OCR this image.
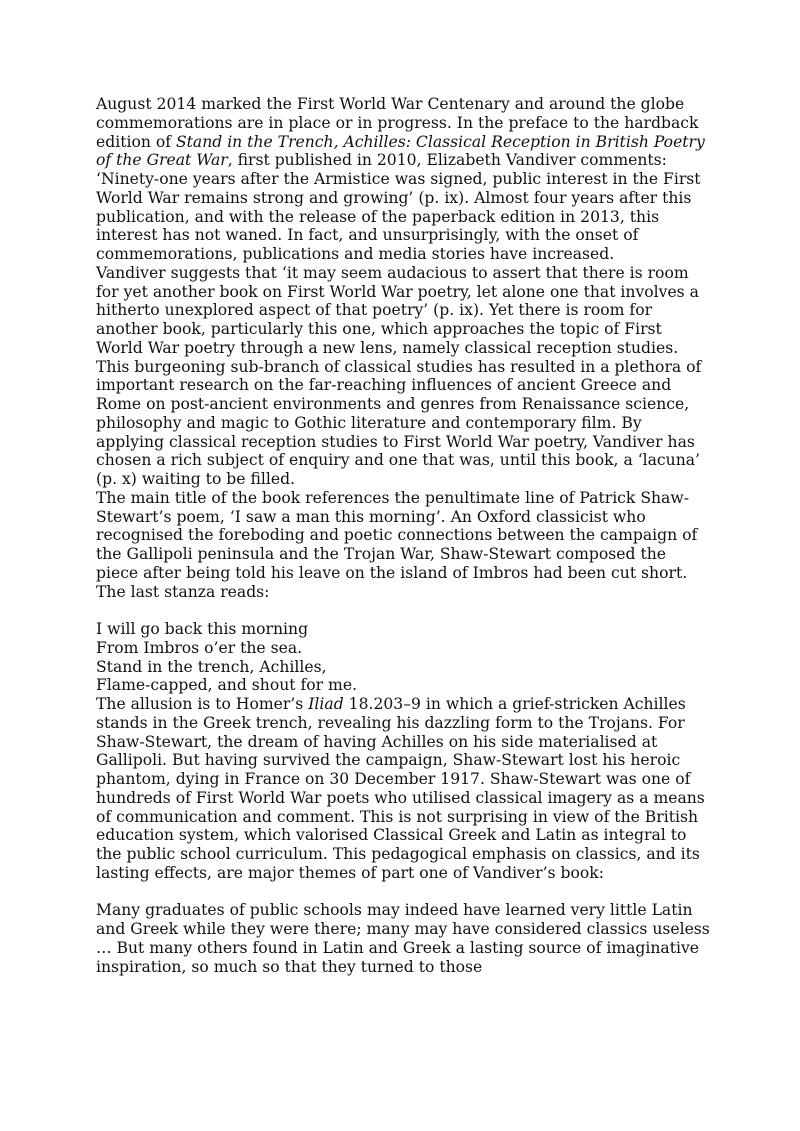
August 2014 marked the First World War Centenary and around the globe commemorations are in place or in progress. In the preface to the hardback edition of Stand in the Trench, Achilles: Classical Reception in British Poetry of the Great War, first published in 2010, Elizabeth Vandiver comments: ‘Ninety-one years after the Armistice was signed, public interest in the First World War remains strong and growing’ (p. ix). Almost four years after this publication, and with the release of the paperback edition in 2013, this interest has not waned. In fact, and unsurprisingly, with the onset of commemorations, publications and media stories have increased.

Vandiver suggests that ‘it may seem audacious to assert that there is room for yet another book on First World War poetry, let alone one that involves a hitherto unexplored aspect of that poetry’ (p. ix). Yet there is room for another book, particularly this one, which approaches the topic of First World War poetry through a new lens, namely classical reception studies. This burgeoning sub-branch of classical studies has resulted in a plethora of important research on the far-reaching influences of ancient Greece and Rome on post-ancient environments and genres from Renaissance science, philosophy and magic to Gothic literature and contemporary film. By applying classical reception studies to First World War poetry, Vandiver has chosen a rich subject of enquiry and one that was, until this book, a ‘lacuna’ (p. x) waiting to be filled.

The main title of the book references the penultimate line of Patrick Shaw-Stewart’s poem, ‘I saw a man this morning’. An Oxford classicist who recognised the foreboding and poetic connections between the campaign of the Gallipoli peninsula and the Trojan War, Shaw-Stewart composed the piece after being told his leave on the island of Imbros had been cut short. The last stanza reads:

I will go back this morning
From Imbros o’er the sea.
Stand in the trench, Achilles,
Flame-capped, and shout for me.

The allusion is to Homer’s Iliad 18.203–9 in which a grief-stricken Achilles stands in the Greek trench, revealing his dazzling form to the Trojans. For Shaw-Stewart, the dream of having Achilles on his side materialised at Gallipoli. But having survived the campaign, Shaw-Stewart lost his heroic phantom, dying in France on 30 December 1917. Shaw-Stewart was one of hundreds of First World War poets who utilised classical imagery as a means of communication and comment. This is not surprising in view of the British education system, which valorised Classical Greek and Latin as integral to the public school curriculum. This pedagogical emphasis on classics, and its lasting effects, are major themes of part one of Vandiver’s book:

Many graduates of public schools may indeed have learned very little Latin and Greek while they were there; many may have considered classics useless … But many others found in Latin and Greek a lasting source of imaginative inspiration, so much so that they turned to those
